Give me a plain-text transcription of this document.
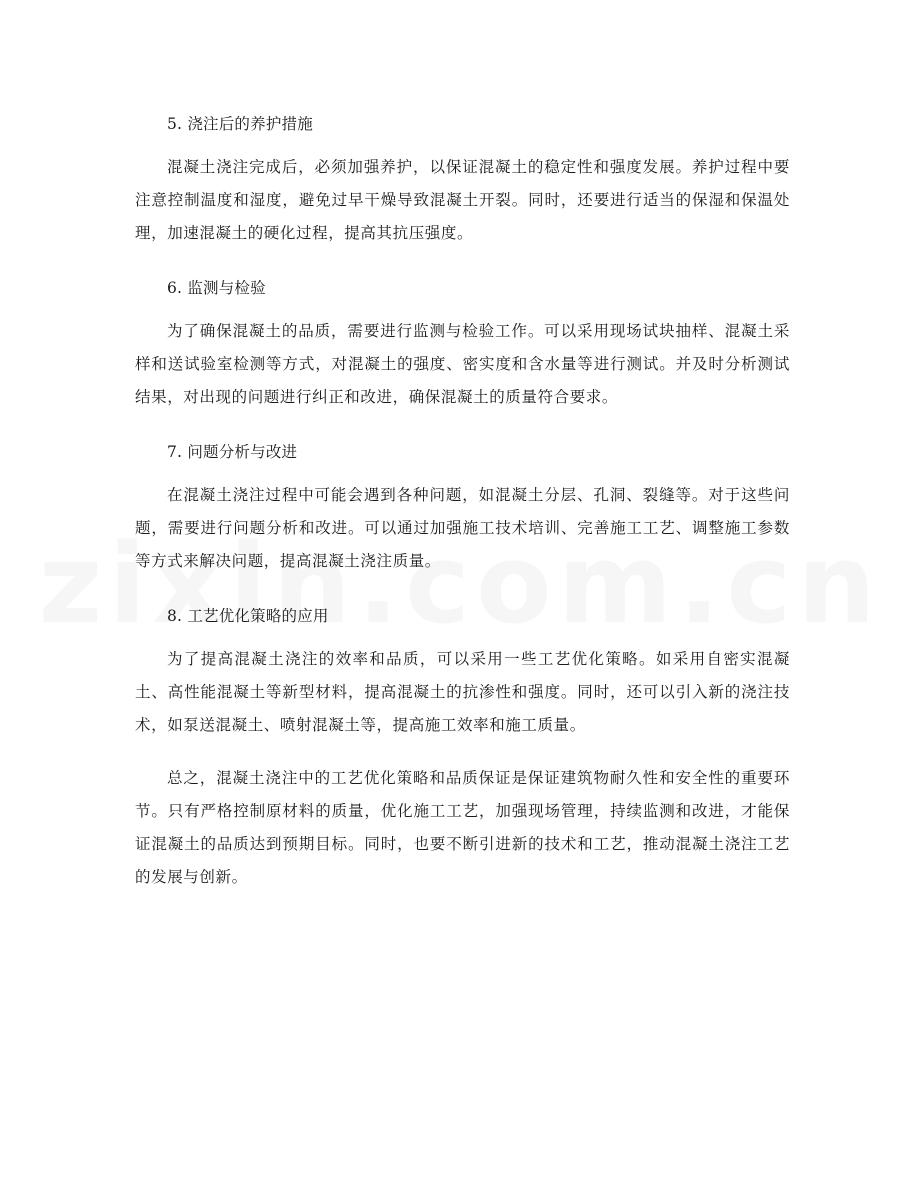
5. 浇注后的养护措施

混凝土浇注完成后，必须加强养护，以保证混凝土的稳定性和强度发展。养护过程中要注意控制温度和湿度，避免过早干燥导致混凝土开裂。同时，还要进行适当的保湿和保温处理，加速混凝土的硬化过程，提高其抗压强度。

6. 监测与检验

为了确保混凝土的品质，需要进行监测与检验工作。可以采用现场试块抽样、混凝土采样和送试验室检测等方式，对混凝土的强度、密实度和含水量等进行测试。并及时分析测试结果，对出现的问题进行纠正和改进，确保混凝土的质量符合要求。

7. 问题分析与改进

在混凝土浇注过程中可能会遇到各种问题，如混凝土分层、孔洞、裂缝等。对于这些问题，需要进行问题分析和改进。可以通过加强施工技术培训、完善施工工艺、调整施工参数等方式来解决问题，提高混凝土浇注质量。

8. 工艺优化策略的应用

为了提高混凝土浇注的效率和品质，可以采用一些工艺优化策略。如采用自密实混凝土、高性能混凝土等新型材料，提高混凝土的抗渗性和强度。同时，还可以引入新的浇注技术，如泵送混凝土、喷射混凝土等，提高施工效率和施工质量。

总之，混凝土浇注中的工艺优化策略和品质保证是保证建筑物耐久性和安全性的重要环节。只有严格控制原材料的质量，优化施工工艺，加强现场管理，持续监测和改进，才能保证混凝土的品质达到预期目标。同时，也要不断引进新的技术和工艺，推动混凝土浇注工艺的发展与创新。
